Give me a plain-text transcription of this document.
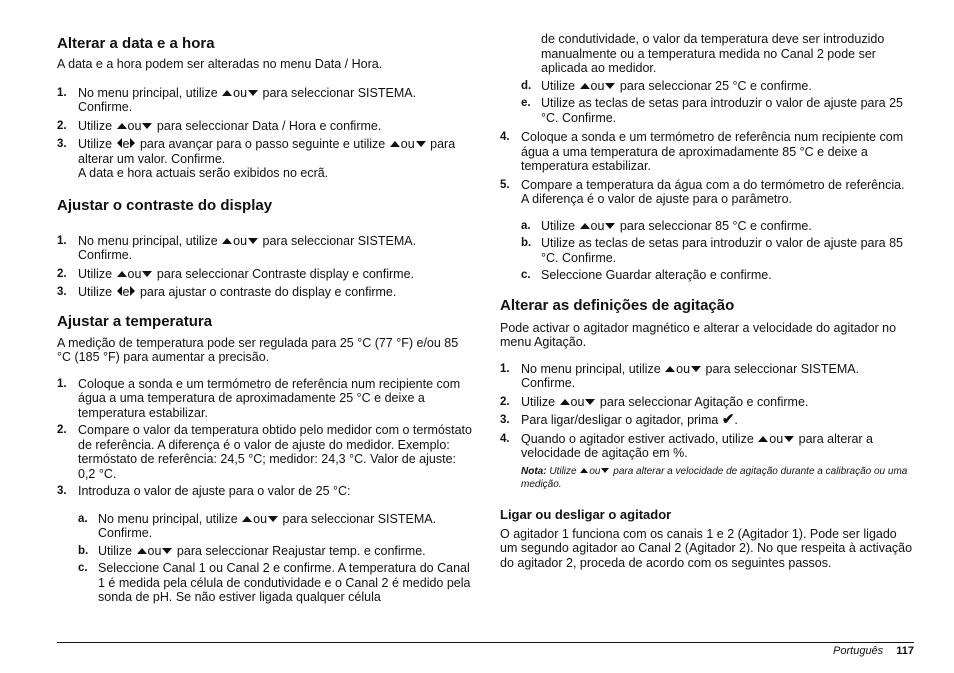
Alterar a data e a hora

A data e a hora podem ser alteradas no menu Data / Hora.

1. No menu principal, utilize ou para seleccionar SISTEMA. Confirme.
2. Utilize ou para seleccionar Data / Hora e confirme.
3. Utilize e para avançar para o passo seguinte e utilize ou para alterar um valor. Confirme.
A data e hora actuais serão exibidos no ecrã.
Ajustar o contraste do display
1. No menu principal, utilize ou para seleccionar SISTEMA. Confirme.
2. Utilize ou para seleccionar Contraste display e confirme.
3. Utilize e para ajustar o contraste do display e confirme.
Ajustar a temperatura

A medição de temperatura pode ser regulada para 25 °C (77 °F) e/ou 85 °C (185 °F) para aumentar a precisão.

1. Coloque a sonda e um termómetro de referência num recipiente com água a uma temperatura de aproximadamente 25 °C e deixe a temperatura estabilizar.
2. Compare o valor da temperatura obtido pelo medidor com o termóstato de referência. A diferença é o valor de ajuste do medidor. Exemplo: termóstato de referência: 24,5 °C; medidor: 24,3 °C. Valor de ajuste: 0,2 °C.
3. Introduza o valor de ajuste para o valor de 25 °C:
a. No menu principal, utilize ou para seleccionar SISTEMA. Confirme.
b. Utilize ou para seleccionar Reajustar temp. e confirme.
c. Seleccione Canal 1 ou Canal 2 e confirme. A temperatura do Canal 1 é medida pela célula de condutividade e o Canal 2 é medido pela sonda de pH. Se não estiver ligada qualquer célula
de condutividade, o valor da temperatura deve ser introduzido manualmente ou a temperatura medida no Canal 2 pode ser aplicada ao medidor.
d. Utilize ou para seleccionar 25 °C e confirme.
e. Utilize as teclas de setas para introduzir o valor de ajuste para 25 °C. Confirme.
4. Coloque a sonda e um termómetro de referência num recipiente com água a uma temperatura de aproximadamente 85 °C e deixe a temperatura estabilizar.
5. Compare a temperatura da água com a do termómetro de referência. A diferença é o valor de ajuste para o parâmetro.
a. Utilize ou para seleccionar 85 °C e confirme.
b. Utilize as teclas de setas para introduzir o valor de ajuste para 85 °C. Confirme.
c. Seleccione Guardar alteração e confirme.
Alterar as definições de agitação

Pode activar o agitador magnético e alterar a velocidade do agitador no menu Agitação.

1. No menu principal, utilize ou para seleccionar SISTEMA. Confirme.
2. Utilize ou para seleccionar Agitação e confirme.
3. Para ligar/desligar o agitador, prima ✔.
4. Quando o agitador estiver activado, utilize ou para alterar a velocidade de agitação em %.
Nota: Utilize ou para alterar a velocidade de agitação durante a calibração ou uma medição.
Ligar ou desligar o agitador

O agitador 1 funciona com os canais 1 e 2 (Agitador 1). Pode ser ligado um segundo agitador ao Canal 2 (Agitador 2). No que respeita à activação do agitador 2, proceda de acordo com os seguintes passos.

Português 117
